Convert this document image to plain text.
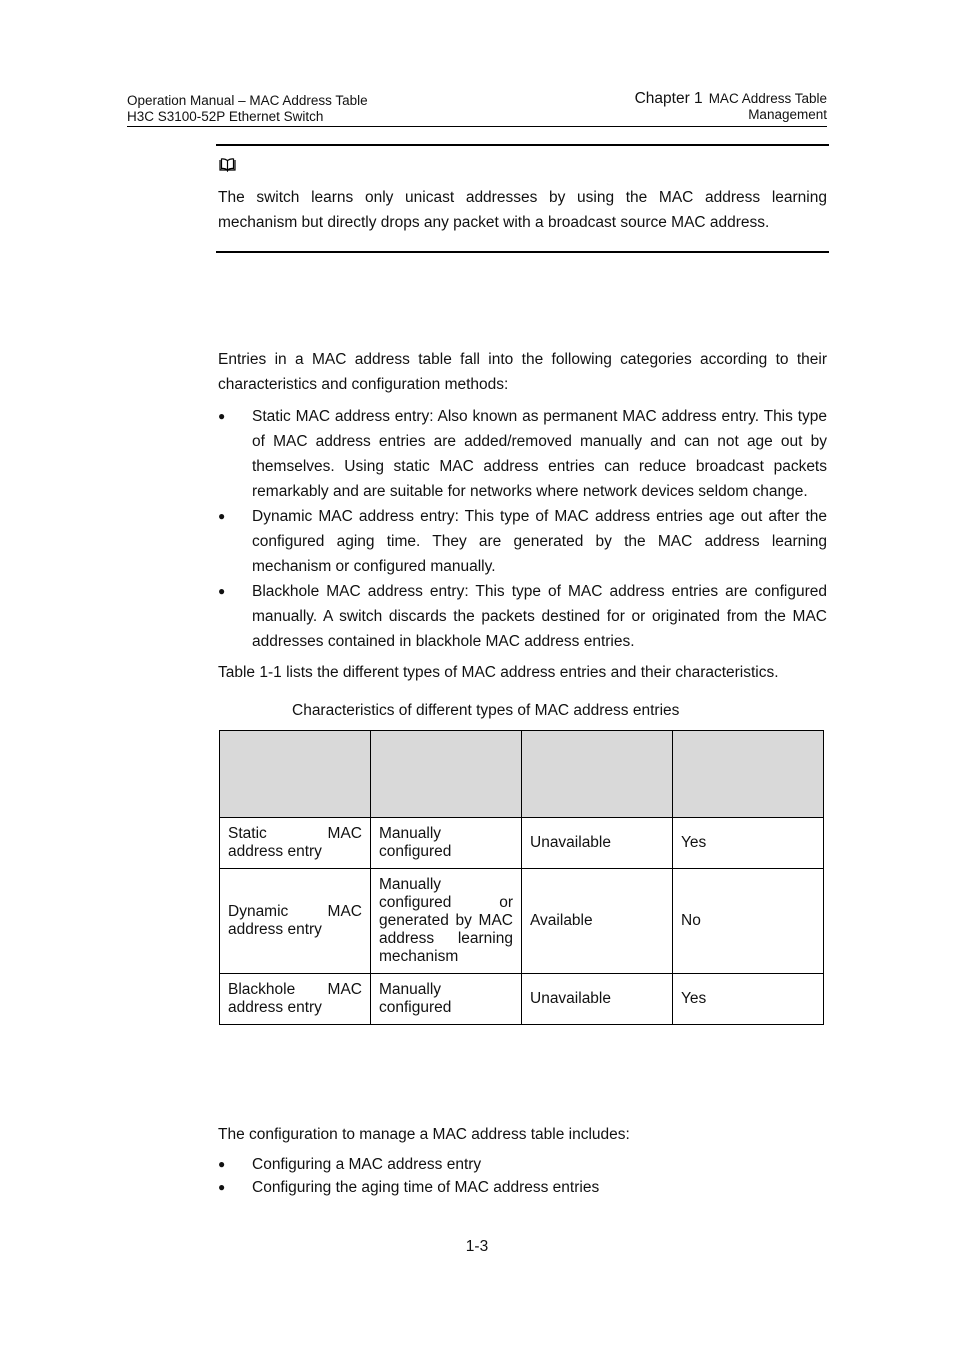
Operation Manual – MAC Address Table
H3C S3100-52P Ethernet Switch
Chapter 1 MAC Address Table
Management
The switch learns only unicast addresses by using the MAC address learning mechanism but directly drops any packet with a broadcast source MAC address.
Entries in a MAC address table fall into the following categories according to their characteristics and configuration methods:
● Static MAC address entry: Also known as permanent MAC address entry. This type of MAC address entries are added/removed manually and can not age out by themselves. Using static MAC address entries can reduce broadcast packets remarkably and are suitable for networks where network devices seldom change.
● Dynamic MAC address entry: This type of MAC address entries age out after the configured aging time. They are generated by the MAC address learning mechanism or configured manually.
● Blackhole MAC address entry: This type of MAC address entries are configured manually. A switch discards the packets destined for or originated from the MAC addresses contained in blackhole MAC address entries.
Table 1-1 lists the different types of MAC address entries and their characteristics.
Characteristics of different types of MAC address entries

Static MAC address entry	Manually configured	Unavailable	Yes
Dynamic MAC address entry	Manually configured or generated by MAC address learning mechanism	Available	No
Blackhole MAC address entry	Manually configured	Unavailable	Yes
The configuration to manage a MAC address table includes:
● Configuring a MAC address entry
● Configuring the aging time of MAC address entries
1-3
